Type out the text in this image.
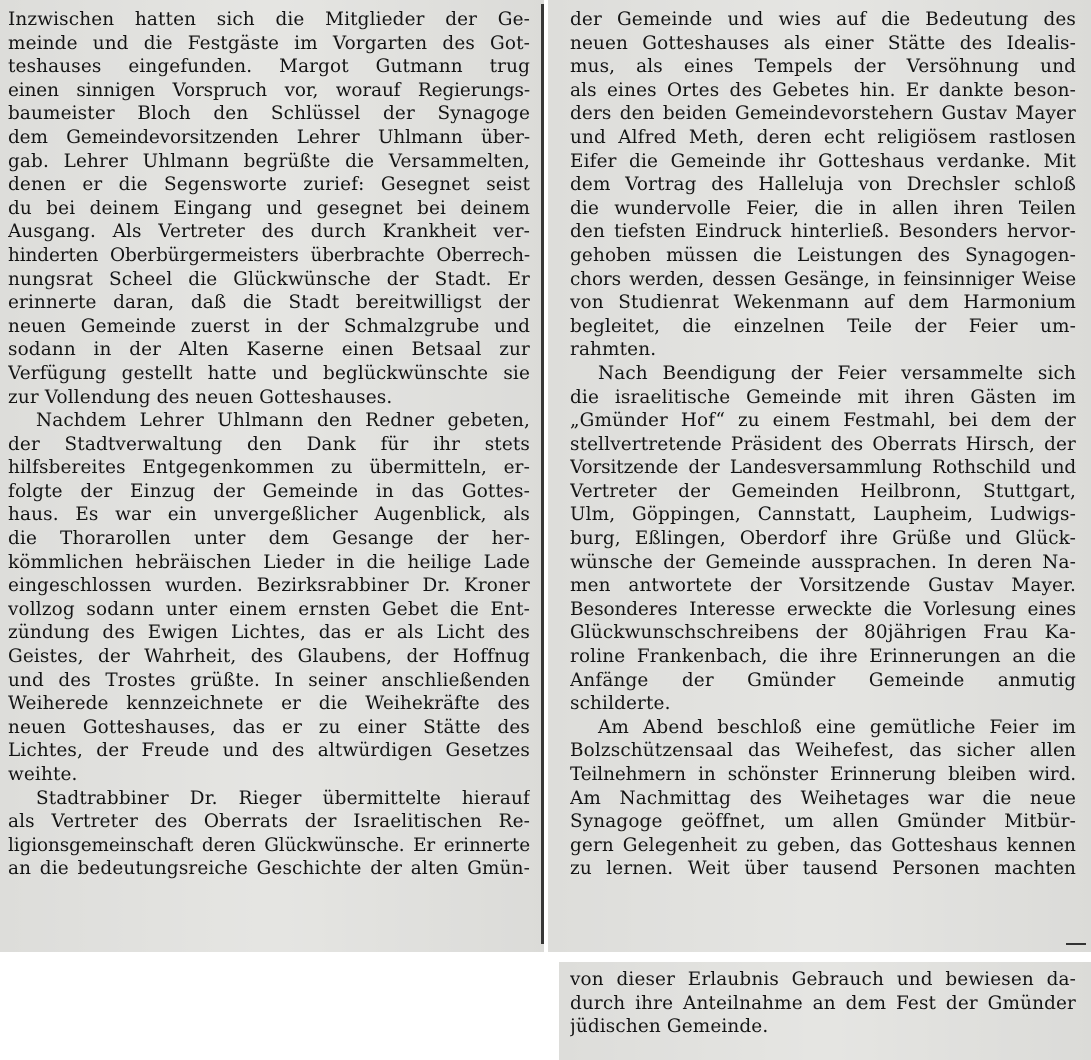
Inzwischen hatten sich die Mitglieder der Ge-
meinde und die Festgäste im Vorgarten des Got-
teshauses eingefunden. Margot Gutmann trug
einen sinnigen Vorspruch vor, worauf Regierungs-
baumeister Bloch den Schlüssel der Synagoge
dem Gemeindevorsitzenden Lehrer Uhlmann über-
gab. Lehrer Uhlmann begrüßte die Versammelten,
denen er die Segensworte zurief: Gesegnet seist
du bei deinem Eingang und gesegnet bei deinem
Ausgang. Als Vertreter des durch Krankheit ver-
hinderten Oberbürgermeisters überbrachte Oberrech-
nungsrat Scheel die Glückwünsche der Stadt. Er
erinnerte daran, daß die Stadt bereitwilligst der
neuen Gemeinde zuerst in der Schmalzgrube und
sodann in der Alten Kaserne einen Betsaal zur
Verfügung gestellt hatte und beglückwünschte sie
zur Vollendung des neuen Gotteshauses.
Nachdem Lehrer Uhlmann den Redner gebeten,
der Stadtverwaltung den Dank für ihr stets
hilfsbereites Entgegenkommen zu übermitteln, er-
folgte der Einzug der Gemeinde in das Gottes-
haus. Es war ein unvergeßlicher Augenblick, als
die Thorarollen unter dem Gesange der her-
kömmlichen hebräischen Lieder in die heilige Lade
eingeschlossen wurden. Bezirksrabbiner Dr. Kroner
vollzog sodann unter einem ernsten Gebet die Ent-
zündung des Ewigen Lichtes, das er als Licht des
Geistes, der Wahrheit, des Glaubens, der Hoffnug
und des Trostes grüßte. In seiner anschließenden
Weiherede kennzeichnete er die Weihekräfte des
neuen Gotteshauses, das er zu einer Stätte des
Lichtes, der Freude und des altwürdigen Gesetzes
weihte.
Stadtrabbiner Dr. Rieger übermittelte hierauf
als Vertreter des Oberrats der Israelitischen Re-
ligionsgemeinschaft deren Glückwünsche. Er erinnerte
an die bedeutungsreiche Geschichte der alten Gmün-
der Gemeinde und wies auf die Bedeutung des
neuen Gotteshauses als einer Stätte des Idealis-
mus, als eines Tempels der Versöhnung und
als eines Ortes des Gebetes hin. Er dankte beson-
ders den beiden Gemeindevorstehern Gustav Mayer
und Alfred Meth, deren echt religiösem rastlosen
Eifer die Gemeinde ihr Gotteshaus verdanke. Mit
dem Vortrag des Halleluja von Drechsler schloß
die wundervolle Feier, die in allen ihren Teilen
den tiefsten Eindruck hinterließ. Besonders hervor-
gehoben müssen die Leistungen des Synagogen-
chors werden, dessen Gesänge, in feinsinniger Weise
von Studienrat Wekenmann auf dem Harmonium
begleitet, die einzelnen Teile der Feier um-
rahmten.
Nach Beendigung der Feier versammelte sich
die israelitische Gemeinde mit ihren Gästen im
„Gmünder Hof“ zu einem Festmahl, bei dem der
stellvertretende Präsident des Oberrats Hirsch, der
Vorsitzende der Landesversammlung Rothschild und
Vertreter der Gemeinden Heilbronn, Stuttgart,
Ulm, Göppingen, Cannstatt, Laupheim, Ludwigs-
burg, Eßlingen, Oberdorf ihre Grüße und Glück-
wünsche der Gemeinde aussprachen. In deren Na-
men antwortete der Vorsitzende Gustav Mayer.
Besonderes Interesse erweckte die Vorlesung eines
Glückwunschschreibens der 80jährigen Frau Ka-
roline Frankenbach, die ihre Erinnerungen an die
Anfänge der Gmünder Gemeinde anmutig
schilderte.
Am Abend beschloß eine gemütliche Feier im
Bolzschützensaal das Weihefest, das sicher allen
Teilnehmern in schönster Erinnerung bleiben wird.
Am Nachmittag des Weihetages war die neue
Synagoge geöffnet, um allen Gmünder Mitbür-
gern Gelegenheit zu geben, das Gotteshaus kennen
zu lernen. Weit über tausend Personen machten
von dieser Erlaubnis Gebrauch und bewiesen da-
durch ihre Anteilnahme an dem Fest der Gmünder
jüdischen Gemeinde.
